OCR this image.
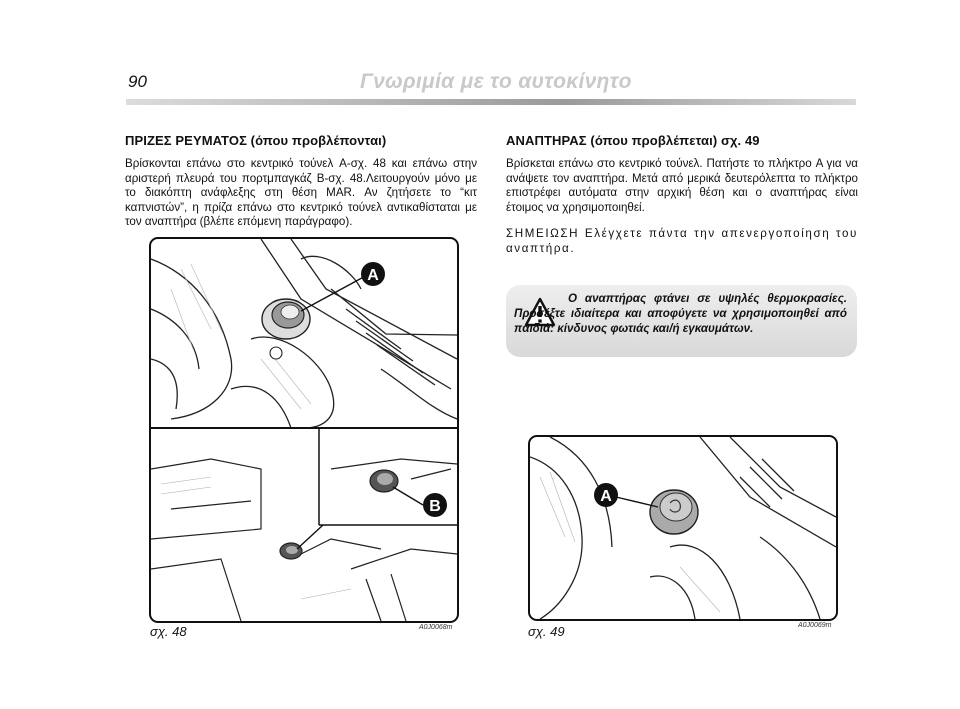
90	Γνωριμία με το αυτοκίνητο
ΠΡΙΖΕΣ ΡΕΥΜΑΤΟΣ (όπου προβλέπονται)

Βρίσκονται επάνω στο κεντρικό τούνελ A-σχ. 48 και επάνω στην αριστερή πλευρά του πορτμπαγκάζ B-σχ. 48.Λειτουργούν μόνο με το διακόπτη ανάφλεξης στη θέση MAR. Αν ζητήσετε το “κιτ καπνιστών”, η πρίζα επάνω στο κεντρικό τούνελ αντικαθίσταται με τον αναπτήρα (βλέπε επόμενη παράγραφο).

ΑΝΑΠΤΗΡΑΣ (όπου προβλέπεται) σχ. 49

Βρίσκεται επάνω στο κεντρικό τούνελ. Πατήστε το πλήκτρο A για να ανάψετε τον αναπτήρα. Μετά από μερικά δευτερόλεπτα το πλήκτρο επιστρέφει αυτόματα στην αρχική θέση και ο αναπτήρας είναι έτοιμος να χρησιμοποιηθεί.

ΣΗΜΕΙΩΣΗ Ελέγχετε πάντα την απενεργοποίηση του αναπτήρα.

Ο αναπτήρας φτάνει σε υψηλές θερμοκρασίες. Προσέξτε ιδιαίτερα και αποφύγετε να χρησιμοποιηθεί από παιδιά: κίνδυνος φωτιάς και/ή εγκαυμάτων.
A
B
σχ. 48	A0J0068m
A
σχ. 49	A0J0069m
